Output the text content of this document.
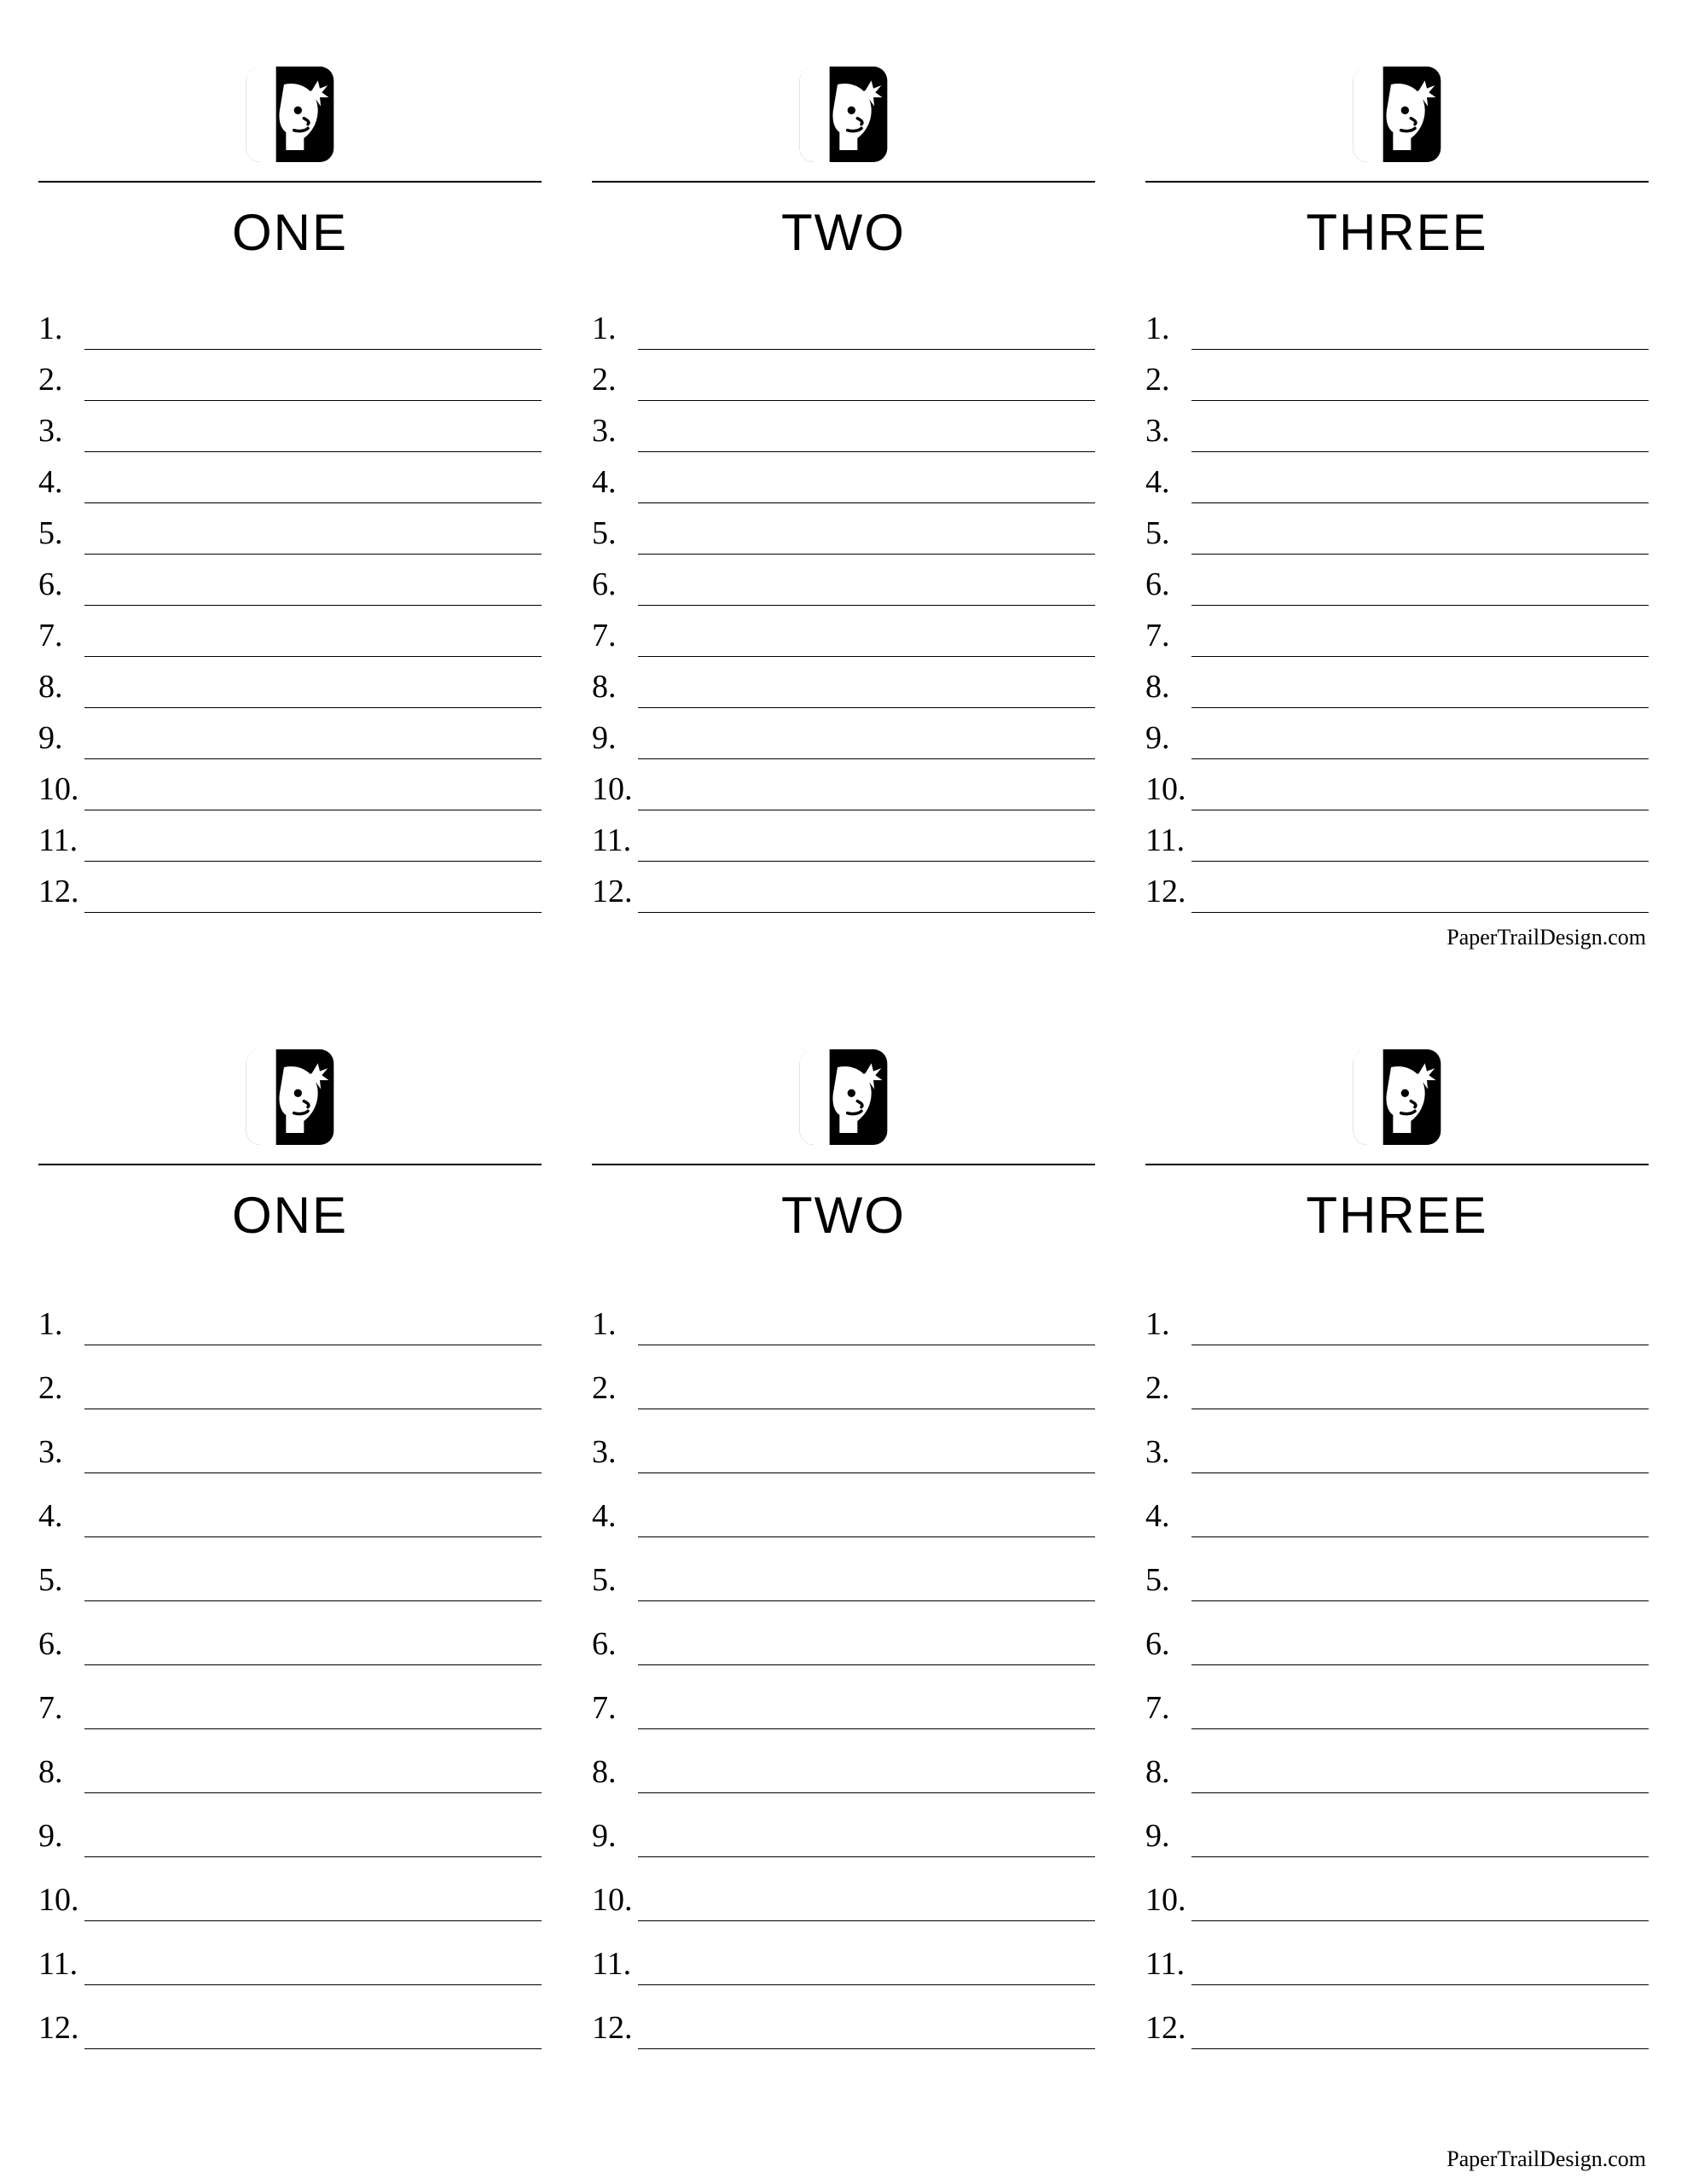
ONE
1.
2.
3.
4.
5.
6.
7.
8.
9.
10.
11.
12.
TWO
1.
2.
3.
4.
5.
6.
7.
8.
9.
10.
11.
12.
THREE
1.
2.
3.
4.
5.
6.
7.
8.
9.
10.
11.
12.
PaperTrailDesign.com
ONE
1.
2.
3.
4.
5.
6.
7.
8.
9.
10.
11.
12.
TWO
1.
2.
3.
4.
5.
6.
7.
8.
9.
10.
11.
12.
THREE
1.
2.
3.
4.
5.
6.
7.
8.
9.
10.
11.
12.
PaperTrailDesign.com
